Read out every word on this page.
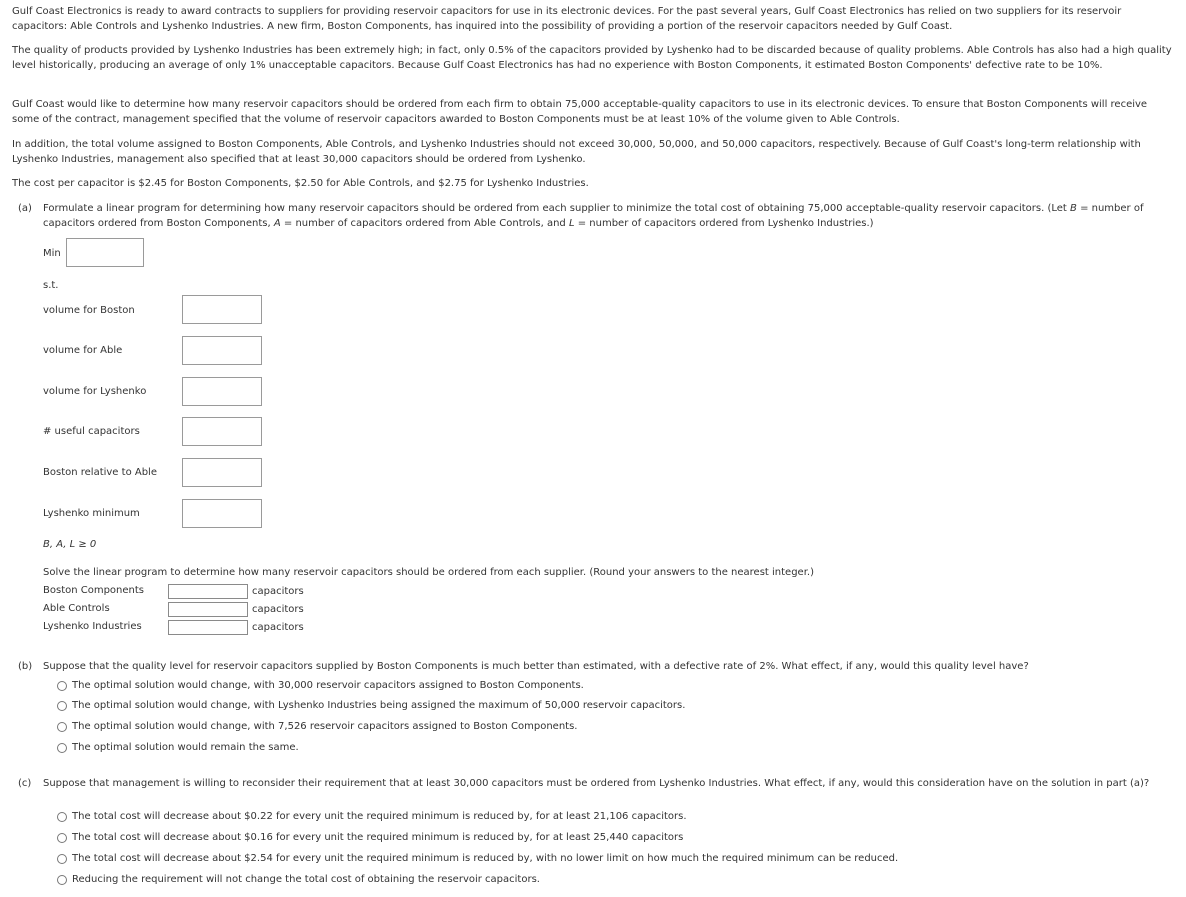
Gulf Coast Electronics is ready to award contracts to suppliers for providing reservoir capacitors for use in its electronic devices. For the past several years, Gulf Coast Electronics has relied on two suppliers for its reservoir capacitors: Able Controls and Lyshenko Industries. A new firm, Boston Components, has inquired into the possibility of providing a portion of the reservoir capacitors needed by Gulf Coast.

The quality of products provided by Lyshenko Industries has been extremely high; in fact, only 0.5% of the capacitors provided by Lyshenko had to be discarded because of quality problems. Able Controls has also had a high quality level historically, producing an average of only 1% unacceptable capacitors. Because Gulf Coast Electronics has had no experience with Boston Components, it estimated Boston Components' defective rate to be 10%.

Gulf Coast would like to determine how many reservoir capacitors should be ordered from each firm to obtain 75,000 acceptable-quality capacitors to use in its electronic devices. To ensure that Boston Components will receive some of the contract, management specified that the volume of reservoir capacitors awarded to Boston Components must be at least 10% of the volume given to Able Controls.

In addition, the total volume assigned to Boston Components, Able Controls, and Lyshenko Industries should not exceed 30,000, 50,000, and 50,000 capacitors, respectively. Because of Gulf Coast's long-term relationship with Lyshenko Industries, management also specified that at least 30,000 capacitors should be ordered from Lyshenko.

The cost per capacitor is $2.45 for Boston Components, $2.50 for Able Controls, and $2.75 for Lyshenko Industries.

(a) Formulate a linear program for determining how many reservoir capacitors should be ordered from each supplier to minimize the total cost of obtaining 75,000 acceptable-quality reservoir capacitors. (Let B = number of capacitors ordered from Boston Components, A = number of capacitors ordered from Able Controls, and L = number of capacitors ordered from Lyshenko Industries.)
Min
s.t.
volume for Boston
volume for Able
volume for Lyshenko
# useful capacitors
Boston relative to Able
Lyshenko minimum
B, A, L ≥ 0
Solve the linear program to determine how many reservoir capacitors should be ordered from each supplier. (Round your answers to the nearest integer.)
Boston Components	capacitors
Able Controls	capacitors
Lyshenko Industries	capacitors
(b) Suppose that the quality level for reservoir capacitors supplied by Boston Components is much better than estimated, with a defective rate of 2%. What effect, if any, would this quality level have?
The optimal solution would change, with 30,000 reservoir capacitors assigned to Boston Components.
The optimal solution would change, with Lyshenko Industries being assigned the maximum of 50,000 reservoir capacitors.
The optimal solution would change, with 7,526 reservoir capacitors assigned to Boston Components.
The optimal solution would remain the same.
(c) Suppose that management is willing to reconsider their requirement that at least 30,000 capacitors must be ordered from Lyshenko Industries. What effect, if any, would this consideration have on the solution in part (a)?
The total cost will decrease about $0.22 for every unit the required minimum is reduced by, for at least 21,106 capacitors.
The total cost will decrease about $0.16 for every unit the required minimum is reduced by, for at least 25,440 capacitors
The total cost will decrease about $2.54 for every unit the required minimum is reduced by, with no lower limit on how much the required minimum can be reduced.
Reducing the requirement will not change the total cost of obtaining the reservoir capacitors.
